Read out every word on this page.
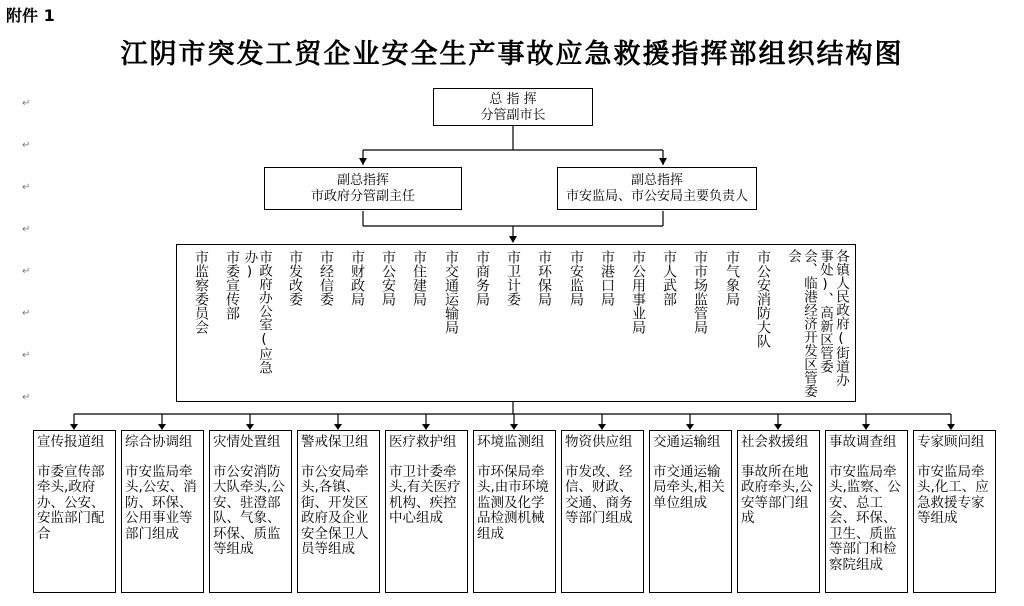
附件 1
江阴市突发工贸企业安全生产事故应急救援指挥部组织结构图
↵
↵
↵
↵
↵
↵
↵
↵
总 指 挥
分管副市长
副总指挥
市政府分管副主任
副总指挥
市安监局、市公安局主要负责人
市监察委员会 市委宣传部 市政府办公室(应急办)	市发改委 市经信委 市财政局 市公安局 市住建局 市交通运输局 市商务局 市卫计委 市环保局 市安监局 市港口局 市公用事业局 市人武部 市市场监管局 市气象局 市公安消防大队	各镇人民政府(街道办事处)、高新区管委会、临港经济开发区管委会
宣传报道组
市委宣传部牵头,政府办、公安、安监部门配合
综合协调组
市安监局牵头,公安、消防、环保、公用事业等部门组成
灾情处置组
市公安消防大队牵头,公安、驻澄部队、气象、环保、质监等组成
警戒保卫组
市公安局牵头,各镇、街、开发区政府及企业安全保卫人员等组成
医疗救护组
市卫计委牵头,有关医疗机构、疾控中心组成
环境监测组
市环保局牵头,由市环境监测及化学品检测机械组成
物资供应组
市发改、经信、财政、交通、商务等部门组成
交通运输组
市交通运输局牵头,相关单位组成
社会救援组
事故所在地政府牵头,公安等部门组成
事故调查组
市安监局牵头,监察、公安、总工会、环保、卫生、质监等部门和检察院组成
专家顾问组
市安监局牵头,化工、应急救援专家等组成
